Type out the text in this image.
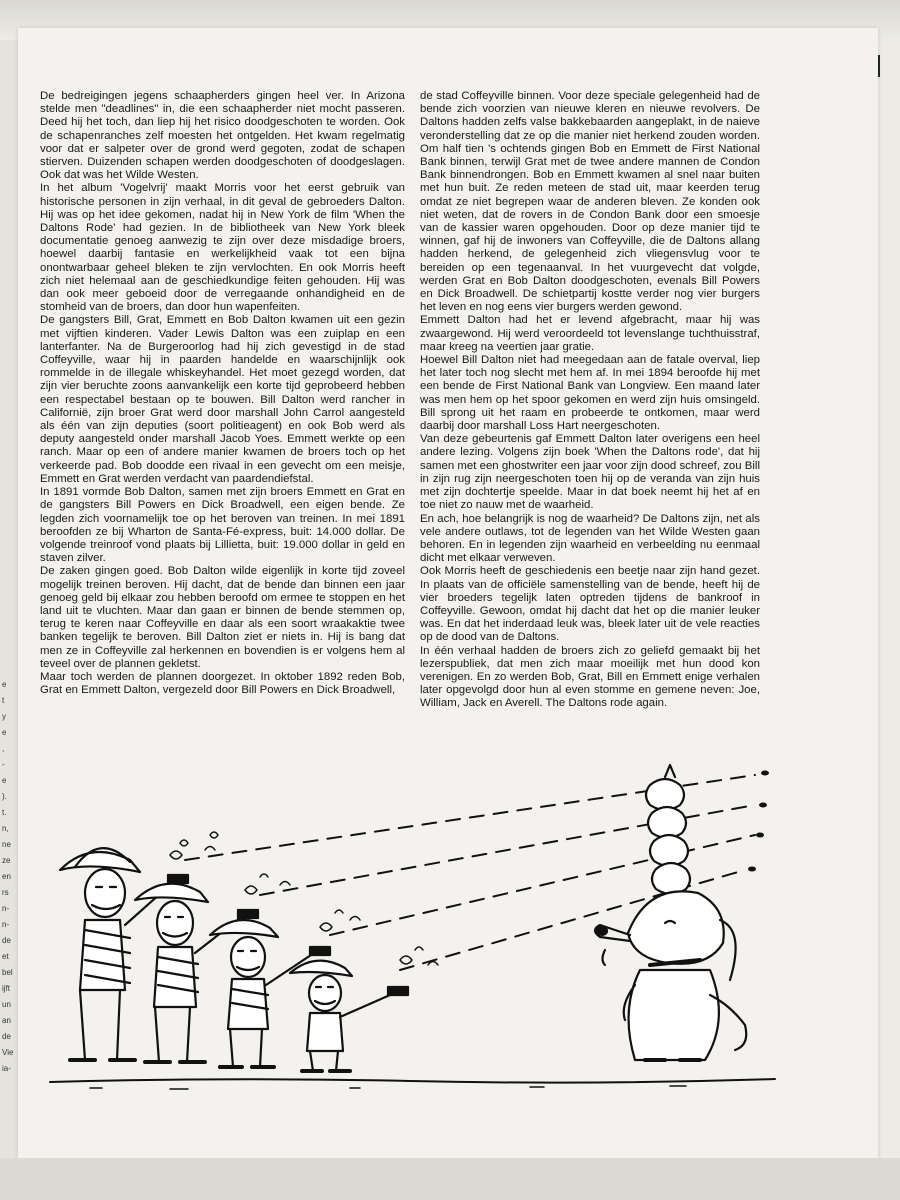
e
t
y
e
,
-
e
).
t.
n,
ne
ze
en
rs
n-
n-
de
et
bel
ijft
un
an
de
Vie
ia-

De bedreigingen jegens schaapherders gingen heel ver. In Arizona stelde men "deadlines" in, die een schaapherder niet mocht passeren. Deed hij het toch, dan liep hij het risico doodgeschoten te worden. Ook de schapenranches zelf moesten het ontgelden. Het kwam regelmatig voor dat er salpeter over de grond werd gegoten, zodat de schapen stierven. Duizenden schapen werden doodgeschoten of doodgeslagen. Ook dat was het Wilde Westen.

In het album 'Vogelvrij' maakt Morris voor het eerst gebruik van historische personen in zijn verhaal, in dit geval de gebroeders Dalton. Hij was op het idee gekomen, nadat hij in New York de film 'When the Daltons Rode' had gezien. In de bibliotheek van New York bleek documentatie genoeg aanwezig te zijn over deze misdadige broers, hoewel daarbij fantasie en werkelijkheid vaak tot een bijna onontwarbaar geheel bleken te zijn vervlochten. En ook Morris heeft zich niet helemaal aan de geschiedkundige feiten gehouden. Hij was dan ook meer geboeid door de verregaande onhandigheid en de stomheid van de broers, dan door hun wapenfeiten.

De gangsters Bill, Grat, Emmett en Bob Dalton kwamen uit een gezin met vijftien kinderen. Vader Lewis Dalton was een zuiplap en een lanterfanter. Na de Burgeroorlog had hij zich gevestigd in de stad Coffeyville, waar hij in paarden handelde en waarschijnlijk ook rommelde in de illegale whiskeyhandel. Het moet gezegd worden, dat zijn vier beruchte zoons aanvankelijk een korte tijd geprobeerd hebben een respectabel bestaan op te bouwen. Bill Dalton werd rancher in Californië, zijn broer Grat werd door marshall John Carrol aangesteld als één van zijn deputies (soort politieagent) en ook Bob werd als deputy aangesteld onder marshall Jacob Yoes. Emmett werkte op een ranch. Maar op een of andere manier kwamen de broers toch op het verkeerde pad. Bob doodde een rivaal in een gevecht om een meisje, Emmett en Grat werden verdacht van paardendiefstal.

In 1891 vormde Bob Dalton, samen met zijn broers Emmett en Grat en de gangsters Bill Powers en Dick Broadwell, een eigen bende. Ze legden zich voornamelijk toe op het beroven van treinen. In mei 1891 beroofden ze bij Wharton de Santa-Fé-express, buit: 14.000 dollar. De volgende treinroof vond plaats bij Lillietta, buit: 19.000 dollar in geld en staven zilver.

De zaken gingen goed. Bob Dalton wilde eigenlijk in korte tijd zoveel mogelijk treinen beroven. Hij dacht, dat de bende dan binnen een jaar genoeg geld bij elkaar zou hebben beroofd om ermee te stoppen en het land uit te vluchten. Maar dan gaan er binnen de bende stemmen op, terug te keren naar Coffeyville en daar als een soort wraakaktie twee banken tegelijk te beroven. Bill Dalton ziet er niets in. Hij is bang dat men ze in Coffeyville zal herkennen en bovendien is er volgens hem al teveel over de plannen gekletst.

Maar toch werden de plannen doorgezet. In oktober 1892 reden Bob, Grat en Emmett Dalton, vergezeld door Bill Powers en Dick Broadwell,

de stad Coffeyville binnen. Voor deze speciale gelegenheid had de bende zich voorzien van nieuwe kleren en nieuwe revolvers. De Daltons hadden zelfs valse bakkebaarden aangeplakt, in de naieve veronderstelling dat ze op die manier niet herkend zouden worden. Om half tien 's ochtends gingen Bob en Emmett de First National Bank binnen, terwijl Grat met de twee andere mannen de Condon Bank binnendrongen. Bob en Emmett kwamen al snel naar buiten met hun buit. Ze reden meteen de stad uit, maar keerden terug omdat ze niet begrepen waar de anderen bleven. Ze konden ook niet weten, dat de rovers in de Condon Bank door een smoesje van de kassier waren opgehouden. Door op deze manier tijd te winnen, gaf hij de inwoners van Coffeyville, die de Daltons allang hadden herkend, de gelegenheid zich vliegensvlug voor te bereiden op een tegenaanval. In het vuurgevecht dat volgde, werden Grat en Bob Dalton doodgeschoten, evenals Bill Powers en Dick Broadwell. De schietpartij kostte verder nog vier burgers het leven en nog eens vier burgers werden gewond.

Emmett Dalton had het er levend afgebracht, maar hij was zwaargewond. Hij werd veroordeeld tot levenslange tuchthuisstraf, maar kreeg na veertien jaar gratie.

Hoewel Bill Dalton niet had meegedaan aan de fatale overval, liep het later toch nog slecht met hem af. In mei 1894 beroofde hij met een bende de First National Bank van Longview. Een maand later was men hem op het spoor gekomen en werd zijn huis omsingeld. Bill sprong uit het raam en probeerde te ontkomen, maar werd daarbij door marshall Loss Hart neergeschoten.

Van deze gebeurtenis gaf Emmett Dalton later overigens een heel andere lezing. Volgens zijn boek 'When the Daltons rode', dat hij samen met een ghostwriter een jaar voor zijn dood schreef, zou Bill in zijn rug zijn neergeschoten toen hij op de veranda van zijn huis met zijn dochtertje speelde. Maar in dat boek neemt hij het af en toe niet zo nauw met de waarheid.

En ach, hoe belangrijk is nog de waarheid? De Daltons zijn, net als vele andere outlaws, tot de legenden van het Wilde Westen gaan behoren. En in legenden zijn waarheid en verbeelding nu eenmaal dicht met elkaar verweven.

Ook Morris heeft de geschiedenis een beetje naar zijn hand gezet. In plaats van de officiële samenstelling van de bende, heeft hij de vier broeders tegelijk laten optreden tijdens de bankroof in Coffeyville. Gewoon, omdat hij dacht dat het op die manier leuker was. En dat het inderdaad leuk was, bleek later uit de vele reacties op de dood van de Daltons.

In één verhaal hadden de broers zich zo geliefd gemaakt bij het lezerspubliek, dat men zich maar moeilijk met hun dood kon verenigen. En zo werden Bob, Grat, Bill en Emmett enige verhalen later opgevolgd door hun al even stomme en gemene neven: Joe, William, Jack en Averell. The Daltons rode again.
